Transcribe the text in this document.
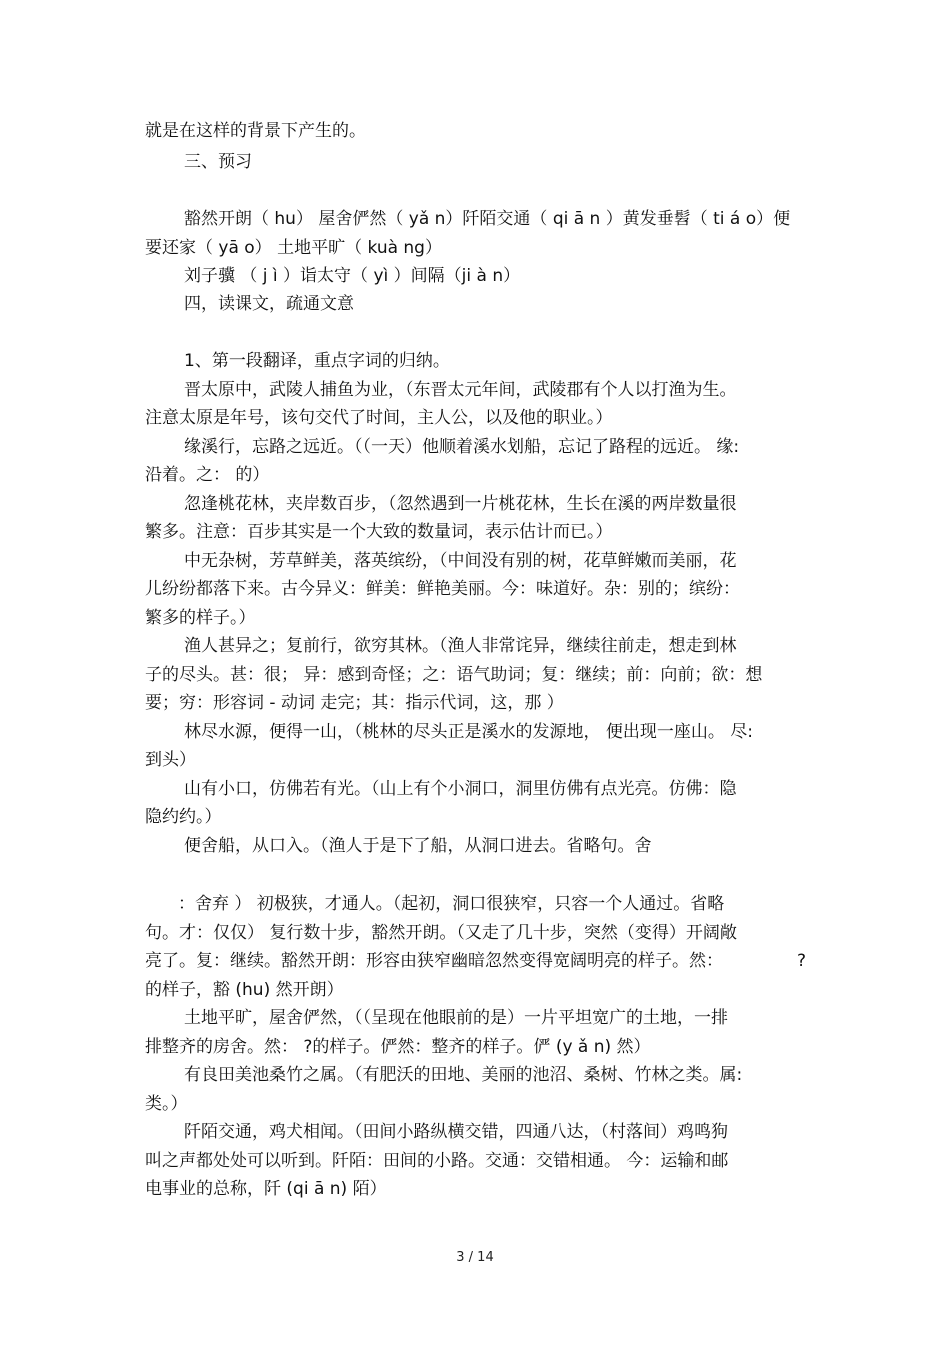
就是在这样的背景下产生的。
三、预习
豁然开朗（ hu） 屋舍俨然（ yǎ n）阡陌交通（ qi ā n ）黄发垂髫（ ti á o）便
要还家（ yā o） 土地平旷（ kuà ng）
刘子骥 （ j ì ）诣太守（ yì ）间隔（ji à n）
四，读课文，疏通文意
1、第一段翻译，重点字词的归纳。
晋太原中，武陵人捕鱼为业，（东晋太元年间，武陵郡有个人以打渔为生。
注意太原是年号，该句交代了时间，主人公，以及他的职业。）
缘溪行，忘路之远近。（（一天）他顺着溪水划船，忘记了路程的远近。 缘:
沿着。之： 的）
忽逢桃花林，夹岸数百步，（忽然遇到一片桃花林，生长在溪的两岸数量很
繁多。注意：百步其实是一个大致的数量词，表示估计而已。）
中无杂树，芳草鲜美，落英缤纷，（中间没有别的树，花草鲜嫩而美丽，花
儿纷纷都落下来。古今异义：鲜美：鲜艳美丽。今：味道好。杂：别的；缤纷：
繁多的样子。）
渔人甚异之；复前行，欲穷其林。（渔人非常诧异，继续往前走，想走到林
子的尽头。甚：很； 异：感到奇怪；之：语气助词；复：继续；前：向前；欲：想
要；穷：形容词 - 动词 走完；其：指示代词，这，那 ）
林尽水源，便得一山，（桃林的尽头正是溪水的发源地， 便出现一座山。 尽:
到头）
山有小口，仿佛若有光。（山上有个小洞口，洞里仿佛有点光亮。仿佛：隐
隐约约。）
便舍船，从口入。（渔人于是下了船，从洞口进去。省略句。舍
：舍弃 ） 初极狭，才通人。（起初，洞口很狭窄，只容一个人通过。省略
句。才：仅仅） 复行数十步，豁然开朗。（又走了几十步，突然（变得）开阔敞
亮了。复：继续。豁然开朗：形容由狭窄幽暗忽然变得宽阔明亮的样子。然：	?
的样子，豁 (hu) 然开朗）
土地平旷，屋舍俨然，（（呈现在他眼前的是）一片平坦宽广的土地，一排
排整齐的房舍。然： ?的样子。俨然：整齐的样子。俨 (y ǎ n) 然）
有良田美池桑竹之属。（有肥沃的田地、美丽的池沼、桑树、竹林之类。属:
类。）
阡陌交通，鸡犬相闻。（田间小路纵横交错，四通八达，（村落间）鸡鸣狗
叫之声都处处可以听到。阡陌：田间的小路。交通：交错相通。 今：运输和邮
电事业的总称，阡 (qi ā n) 陌）
3 / 14
